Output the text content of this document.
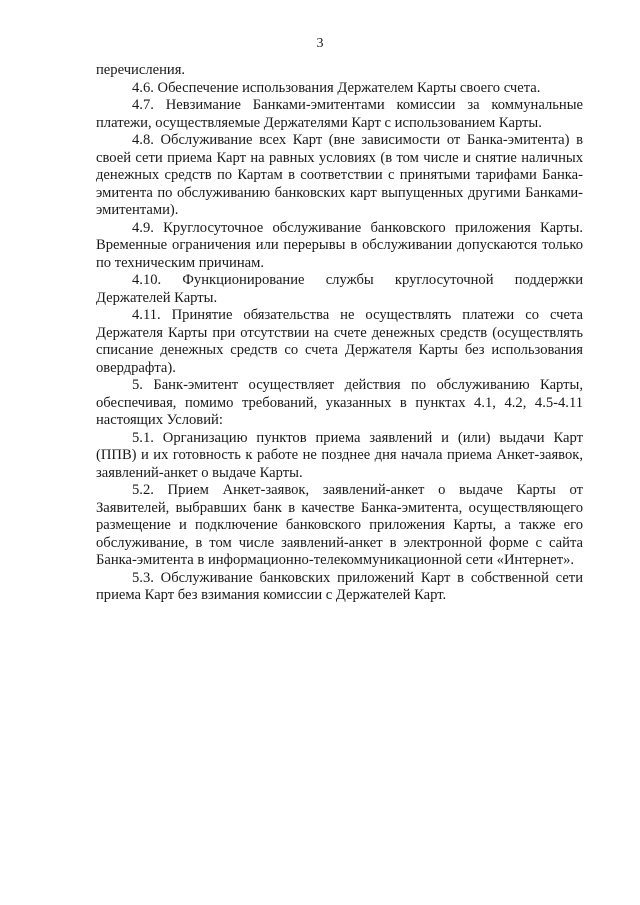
3

перечисления.

4.6. Обеспечение использования Держателем Карты своего счета.

4.7. Невзимание Банками-эмитентами комиссии за коммунальные платежи, осуществляемые Держателями Карт с использованием Карты.

4.8. Обслуживание всех Карт (вне зависимости от Банка-эмитента) в своей сети приема Карт на равных условиях (в том числе и снятие наличных денежных средств по Картам в соответствии с принятыми тарифами Банка-эмитента по обслуживанию банковских карт выпущенных другими Банками-эмитентами).

4.9. Круглосуточное обслуживание банковского приложения Карты. Временные ограничения или перерывы в обслуживании допускаются только по техническим причинам.

4.10. Функционирование службы круглосуточной поддержки Держателей Карты.

4.11. Принятие обязательства не осуществлять платежи со счета Держателя Карты при отсутствии на счете денежных средств (осуществлять списание денежных средств со счета Держателя Карты без использования овердрафта).

5. Банк-эмитент осуществляет действия по обслуживанию Карты, обеспечивая, помимо требований, указанных в пунктах 4.1, 4.2, 4.5-4.11 настоящих Условий:

5.1. Организацию пунктов приема заявлений и (или) выдачи Карт (ППВ) и их готовность к работе не позднее дня начала приема Анкет-заявок, заявлений-анкет о выдаче Карты.

5.2. Прием Анкет-заявок, заявлений-анкет о выдаче Карты от Заявителей, выбравших банк в качестве Банка-эмитента, осуществляющего размещение и подключение банковского приложения Карты, а также его обслуживание, в том числе заявлений-анкет в электронной форме с сайта Банка-эмитента в информационно-телекоммуникационной сети «Интернет».

5.3. Обслуживание банковских приложений Карт в собственной сети приема Карт без взимания комиссии с Держателей Карт.
